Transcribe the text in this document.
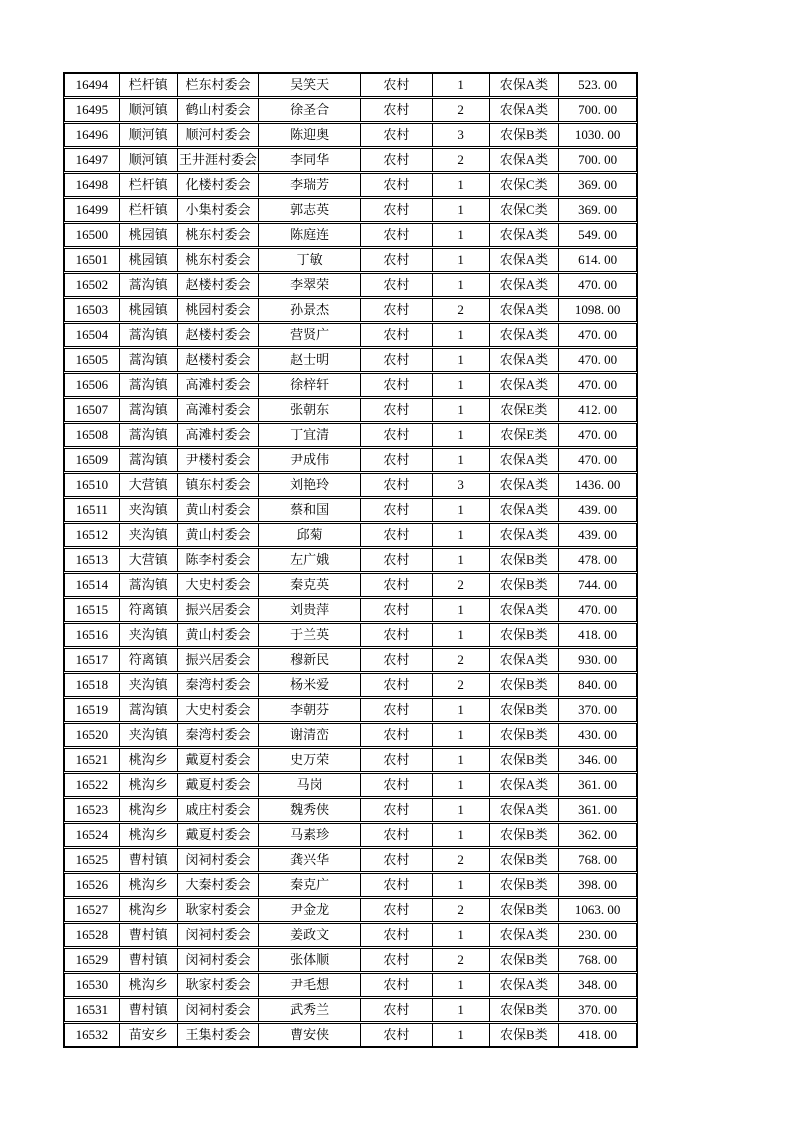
16494	栏杆镇	栏东村委会	吴笑天	农村	1	农保A类	523. 00
16495	顺河镇	鹤山村委会	徐圣合	农村	2	农保A类	700. 00
16496	顺河镇	顺河村委会	陈迎奥	农村	3	农保B类	1030. 00
16497	顺河镇 王井涯村委会	李同华	农村	2	农保A类	700. 00
16498	栏杆镇	化楼村委会	李瑞芳	农村	1	农保C类	369. 00
16499	栏杆镇	小集村委会	郭志英	农村	1	农保C类	369. 00
16500	桃园镇	桃东村委会	陈庭连	农村	1	农保A类	549. 00
16501	桃园镇	桃东村委会	丁敏	农村	1	农保A类	614. 00
16502	蒿沟镇	赵楼村委会	李翠荣	农村	1	农保A类	470. 00
16503	桃园镇	桃园村委会	孙景杰	农村	2	农保A类	1098. 00
16504	蒿沟镇	赵楼村委会	营贤广	农村	1	农保A类	470. 00
16505	蒿沟镇	赵楼村委会	赵士明	农村	1	农保A类	470. 00
16506	蒿沟镇	高滩村委会	徐梓轩	农村	1	农保A类	470. 00
16507	蒿沟镇	高滩村委会	张朝东	农村	1	农保E类	412. 00
16508	蒿沟镇	高滩村委会	丁宜清	农村	1	农保E类	470. 00
16509	蒿沟镇	尹楼村委会	尹成伟	农村	1	农保A类	470. 00
16510	大营镇	镇东村委会	刘艳玲	农村	3	农保A类	1436. 00
16511	夹沟镇	黄山村委会	蔡和国	农村	1	农保A类	439. 00
16512	夹沟镇	黄山村委会	邱菊	农村	1	农保A类	439. 00
16513	大营镇	陈李村委会	左广娥	农村	1	农保B类	478. 00
16514	蒿沟镇	大史村委会	秦克英	农村	2	农保B类	744. 00
16515	符离镇	振兴居委会	刘贵萍	农村	1	农保A类	470. 00
16516	夹沟镇	黄山村委会	于兰英	农村	1	农保B类	418. 00
16517	符离镇	振兴居委会	穆新民	农村	2	农保A类	930. 00
16518	夹沟镇	秦湾村委会	杨米爱	农村	2	农保B类	840. 00
16519	蒿沟镇	大史村委会	李朝芬	农村	1	农保B类	370. 00
16520	夹沟镇	秦湾村委会	谢清峦	农村	1	农保B类	430. 00
16521	桃沟乡	戴夏村委会	史万荣	农村	1	农保B类	346. 00
16522	桃沟乡	戴夏村委会	马岗	农村	1	农保A类	361. 00
16523	桃沟乡	戚庄村委会	魏秀侠	农村	1	农保A类	361. 00
16524	桃沟乡	戴夏村委会	马素珍	农村	1	农保B类	362. 00
16525	曹村镇	闵祠村委会	龚兴华	农村	2	农保B类	768. 00
16526	桃沟乡	大秦村委会	秦克广	农村	1	农保B类	398. 00
16527	桃沟乡	耿家村委会	尹金龙	农村	2	农保B类	1063. 00
16528	曹村镇	闵祠村委会	姜政文	农村	1	农保A类	230. 00
16529	曹村镇	闵祠村委会	张体顺	农村	2	农保B类	768. 00
16530	桃沟乡	耿家村委会	尹毛想	农村	1	农保A类	348. 00
16531	曹村镇	闵祠村委会	武秀兰	农村	1	农保B类	370. 00
16532	苗安乡	王集村委会	曹安侠	农村	1	农保B类	418. 00
